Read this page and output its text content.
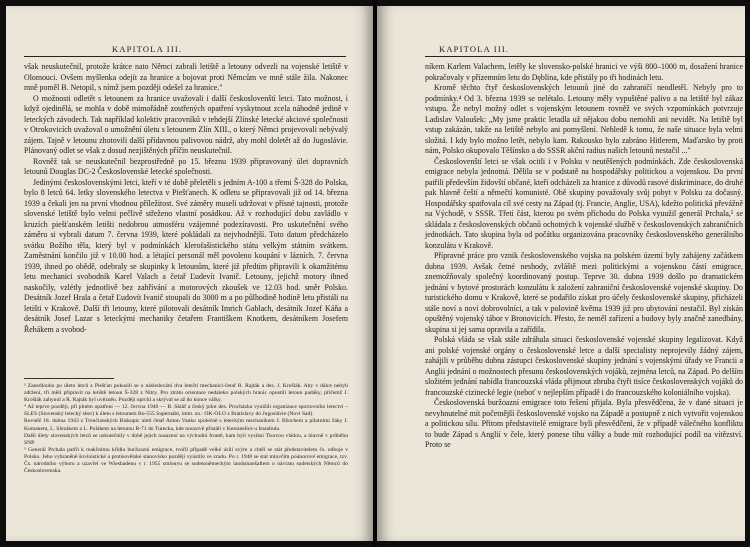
KAPITOLA III.

však neuskutečnil, protože krátce nato Němci zabrali letiště a letouny odvezli na vojenské letiště v Olomouci. Ovšem myšlenka odejít za hranice a bojovat proti Němcům ve mně stále žila. Nakonec mně poměl B. Netopil, s nímž jsem později odešel za hranice."

O možnosti odletět s letounem za hranice uvažovali i další českoslovenští letci. Tato možnost, i když ojedinělá, se mohla v době mimořádně zostřených opatření vyskytnout zcela náhodně jedině v leteckých závodech. Tak například kolektiv pracovníků v tehdejší Zlínské letecké akciové společnosti v Otrokovicích uvažoval o umožnění úletu s letounem Zlín XIII., o který Němci projevovali nebývalý zájem. Tajně v letounu zhotovili další přídavnou palivovou nádrž, aby mohl doletět až do Jugoslávie. Plánovaný odlet se však z dosud nezjištěných příčin neuskutečnil.

Rovněž tak se neuskutečnil bezprostředně po 15. březnu 1939 připravovaný úlet dopravních letounů Douglas DC-2 Československé letecké společnosti.

Jedinými československými letci, kteří v té době přeletěli s jedním A-100 a třemi Š-328 do Polska, bylo 8 letců 64. letky slovenského letectva v Piešťanech. K odletu se připravovali již od 14. března 1939 a čekali jen na první vhodnou příležitost. Své záměry museli udržovat v přísné tajnosti, protože slovenské letiště bylo velmi pečlivě střeženo vlastní posádkou. Až v rozhodující dobu zavládlo v kruzích piešťanském letišti nedobrou atmosféru vzájemné podezíravosti. Pro uskutečnění svého záměru si vybrali datum 7. června 1939, které pokládali za nejvhodnější. Toto datum předcházelo svátku Božího těla, který byl v podmínkách klerofašistického státu velkým státním svátkem. Zaměstnání končilo již v 10.00 hod. a létající personál měl povoleno koupání v lázních. 7. června 1939, ihned po obědě, odebraly se skupinky k letounům, které již předtím připravili k okamžitému letu mechanici svobodník Karel Valach a četař Ľudevít Ivanič. Letouny, jejichž motory ihned naskočily, vzlétly jednotlivě bez zahřívání a motorových zkoušek ve 12.03 hod. směr Polsko. Desátník Jozef Hrala a četař Ľudovít Ivanič stoupali do 3000 m a po půlhodině hodině letu přistáli na letišti v Krakově. Další tři letouny, které pilotovali desátník Imrich Gablach, desátník Jozef Káňa a desátník Josef Lazar s leteckými mechaniky četařem Františkem Knotkem, desátníkem Josefem Řehákem a svobod-

³ Zanedlouho po úletu letců z Piešťan pokusili se o následování dva letečtí mechanici-četař R. Rajták a des. J. Krošlák. Aby v dálce nebyli zdrženi, tři měli připravit na letiště letoun Š-328 z Nitry. Pro ztrátu orientace nedaleko polských hranic opustili letoun padáky, přičemž J. Krošlák zahynul a R. Rajták byl uvězněn. Později uprchl a skrýval se až do konce války.

⁴ Až teprve později, při plném opatření — 12. června 1940 — B. Skláf a český pilot des. Procházka vyuižili organizace sportovního letectví – SLES (Slovenský letecký sbor) k úletu s letounem Bo-555 Supernábt, imm. zn.: OK-OLO z Bratislavy do Jugoslávie (Novi Sad).

Rovněž 18. dubna 1943 z Trenčianských Biskupic uletl četař Anton Vanko společně s leteckým mechanikem J. Bžochem a pilotními žáky J. Komanem, L. Slezákem a L. Polákem na letounu B-71 do Turecka, kde nouzově přistáli v Kestanelice u Istanbulu.

Další úlety slovenských letců se uskutečnily v době jejich nasazení na východní frontě, kam byli vysláni Tisovou vládou, a hlavně v průběhu SNP.

⁵ Generál Prchala patřil k reakčnímu křídlu buržoazní emigrace, tvořil případě velké úsilí svým a chtěl se stát představitelem čs. odboje v Polsku. Jeho vyhraněně šovinistické a protisovětské stanovisko později vyústilo ve zradu. Po r. 1948 se stal mluvčím poúnorové emigrace, tzv. Čs. národního výboru a uzavřel ve Wiesbadenu v r. 1955 smlouvu se sudetoněmeckým landsmanšaftem o návratu sudetských Němců do Československa.

KAPITOLA III.

níkem Karlem Valachem, letěly ke slovensko-polské hranici ve výši 800–1000 m, dosažení hranice pokračovaly v přízemním letu do Dęblina, kde přistály po tři hodinách letu.

Kromě těchto čtyř československých letounů jiné do zahraničí neodletěl. Nebyly pro to podmínky.⁴ Od 3. března 1939 se nelétalo. Letouny měly vypuštěné palivo a na letiště byl zákaz vstupu. Že nebyl možný odlet s vojenským letounem rovněž ve svých vzpomínkách potvrzuje Ladislav Valoušek: „My jsme praktic letadla už nějakou dobu nemohli ani nevidět. Na letiště byl vstup zakázán, takže na letiště nebylo ani pomyšlení. Nehledě k tomu, že naše situace byla velmi složitá. I kdy bylo možno letět, nebylo kam. Rakousko bylo zabráno Hitlerem, Maďarsko by proti nám, Polsko okupovalo Těšínsko a do SSSR akční radius našich letounů nestačil ..."

Českoslovenští letci se však ocitli i v Polsku v neutěšených podmínkách. Zde československá emigrace nebyla jednotná. Dělila se v podstatě na hospodářsky politickou a vojenskou. Do první patřili především židovští občané, kteří odcházeli za hranice z důvodů rasové diskriminace, do druhé pak hlavně čeští a němečtí komunisté. Obě skupiny považovaly svůj pobyt v Polsku za dočasný. Hospodářsky spatřovala cíl své cesty na Západ (tj. Francie, Anglie, USA), kdežto politická převážně na Východě, v SSSR. Třetí část, kterou po svém příchodu do Polska vyuužil generál Prchala,⁵ se skládala z československých občanů ochotných k vojenské službě v československých zahraničních jednotkách. Tato skupina byla od počátku organizována pracovníky československého generálního konzulátu v Krakově.

Přípravné práce pro vznik československého vojska na polském území byly zahájeny začátkem dubna 1939. Avšak četné neshody, zvláště mezi politickými a vojenskou částí emigrace, znemožňovaly společný koordinovaný postup. Teprve 30. dubna 1939 došlo po dramatickém jednání v bytové prostorách konzulátu k založení zahraniční československé vojenské skupiny. Do turistického domu v Krakově, které se podařilo získat pro účely československé skupiny, přicházeli stále noví a noví dobrovolníci, a tak v polovině května 1939 již pro ubytování nestačil. Byl získán opuštěný vojenský tábor v Bronovicích. Přesto, že neměl zařízení a budovy byly značně zanedbány, skupina si jej sama opravila a zařídila.

Polská vláda se však stále zdráhala situaci československé vojenské skupiny legalizovat. Když ani polské vojenské orgány o československé letce a další specialisty neprojevily žádný zájem, zahájili v průběhu dubna zástupci československé skupiny jednání s vojenskými úřady ve Francii a Anglii jednání o možnostech přesunu československých vojáků, zejména letců, na Západ. Po delším složitém jednání nabídla francouzská vláda přijmout zhruba čtyři tisíce československých vojáků do francouzské cizinecké legie (neboť v nejlepším případě i do francouzského koloniálního vojska).

Československá buržoazní emigrace toto řešení přijala. Byla přesvědčena, že v dané situaci je nevyhnutelné mít početnější československé vojsko na Západě a postupně z nich vytvořit vojenskou a politickou sílu. Přitom představitelé emigrace byli přesvědčeni, že v případě válečného konfliktu to bude Západ s Anglií v čele, který ponese tíhu války a bude mít rozhodující podíl na vítězství. Proto se
